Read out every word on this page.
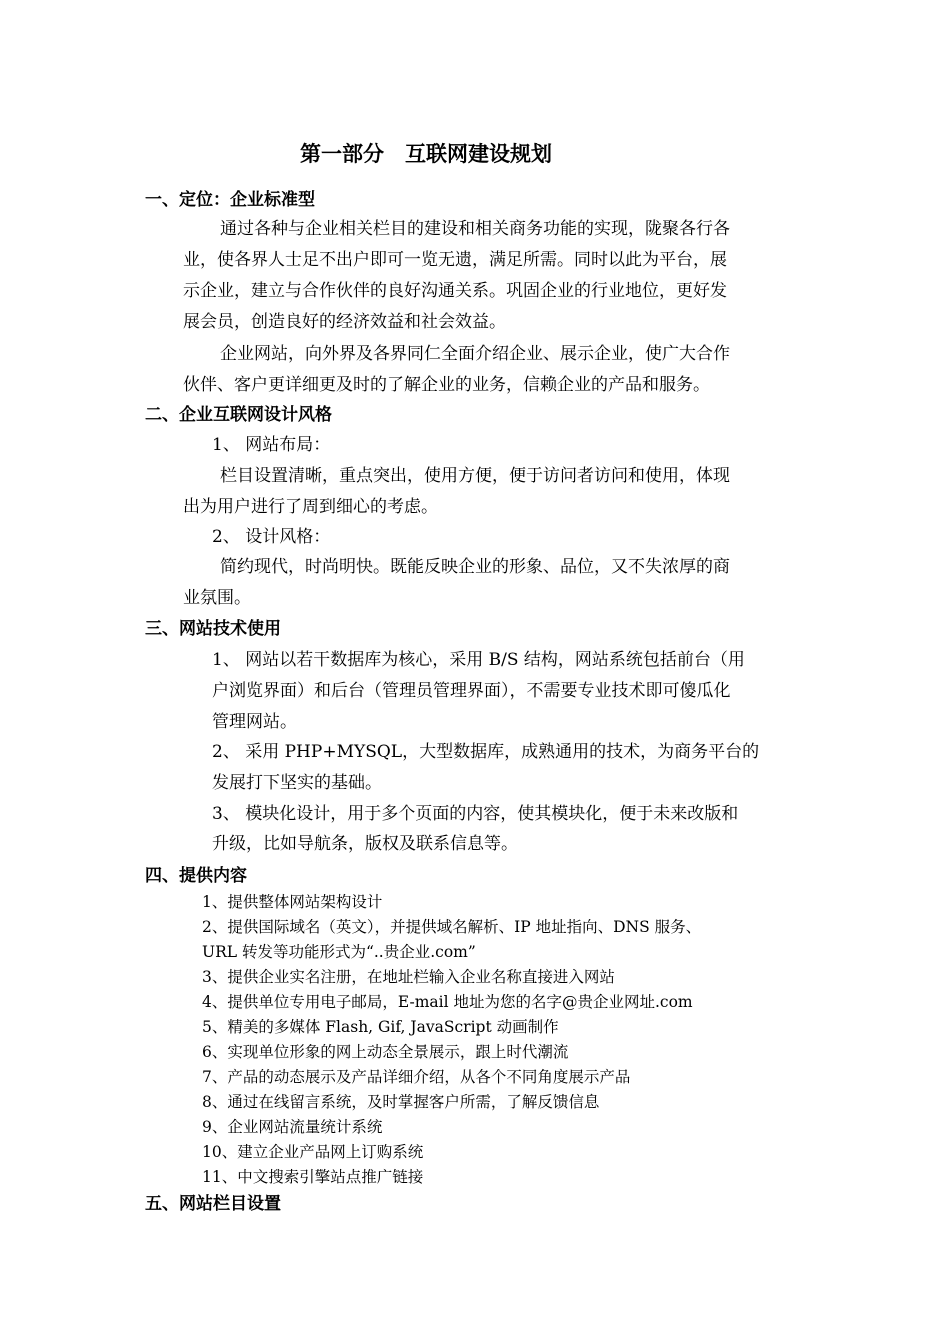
第一部分　互联网建设规划
一、定位：企业标准型
通过各种与企业相关栏目的建设和相关商务功能的实现，陇聚各行各
业，使各界人士足不出户即可一览无遗，满足所需。同时以此为平台，展
示企业，建立与合作伙伴的良好沟通关系。巩固企业的行业地位，更好发
展会员，创造良好的经济效益和社会效益。
企业网站，向外界及各界同仁全面介绍企业、展示企业，使广大合作
伙伴、客户更详细更及时的了解企业的业务，信赖企业的产品和服务。
二、企业互联网设计风格
1、 网站布局：
栏目设置清晰，重点突出，使用方便，便于访问者访问和使用，体现
出为用户进行了周到细心的考虑。
2、 设计风格：
简约现代，时尚明快。既能反映企业的形象、品位，又不失浓厚的商
业氛围。
三、网站技术使用
1、 网站以若干数据库为核心，采用 B/S 结构，网站系统包括前台（用
户浏览界面）和后台（管理员管理界面），不需要专业技术即可傻瓜化
管理网站。
2、 采用 PHP+MYSQL，大型数据库，成熟通用的技术，为商务平台的
发展打下坚实的基础。
3、 模块化设计，用于多个页面的内容，使其模块化，便于未来改版和
升级，比如导航条，版权及联系信息等。
四、提供内容
1、提供整体网站架构设计
2、提供国际域名（英文），并提供域名解析、IP 地址指向、DNS 服务、
URL 转发等功能形式为“..贵企业.com”
3、提供企业实名注册，在地址栏输入企业名称直接进入网站
4、提供单位专用电子邮局，E-mail 地址为您的名字@贵企业网址.com
5、精美的多媒体 Flash, Gif, JavaScript 动画制作
6、实现单位形象的网上动态全景展示，跟上时代潮流
7、产品的动态展示及产品详细介绍，从各个不同角度展示产品
8、通过在线留言系统，及时掌握客户所需，了解反馈信息
9、企业网站流量统计系统
10、建立企业产品网上订购系统
11、中文搜索引擎站点推广链接
五、网站栏目设置
